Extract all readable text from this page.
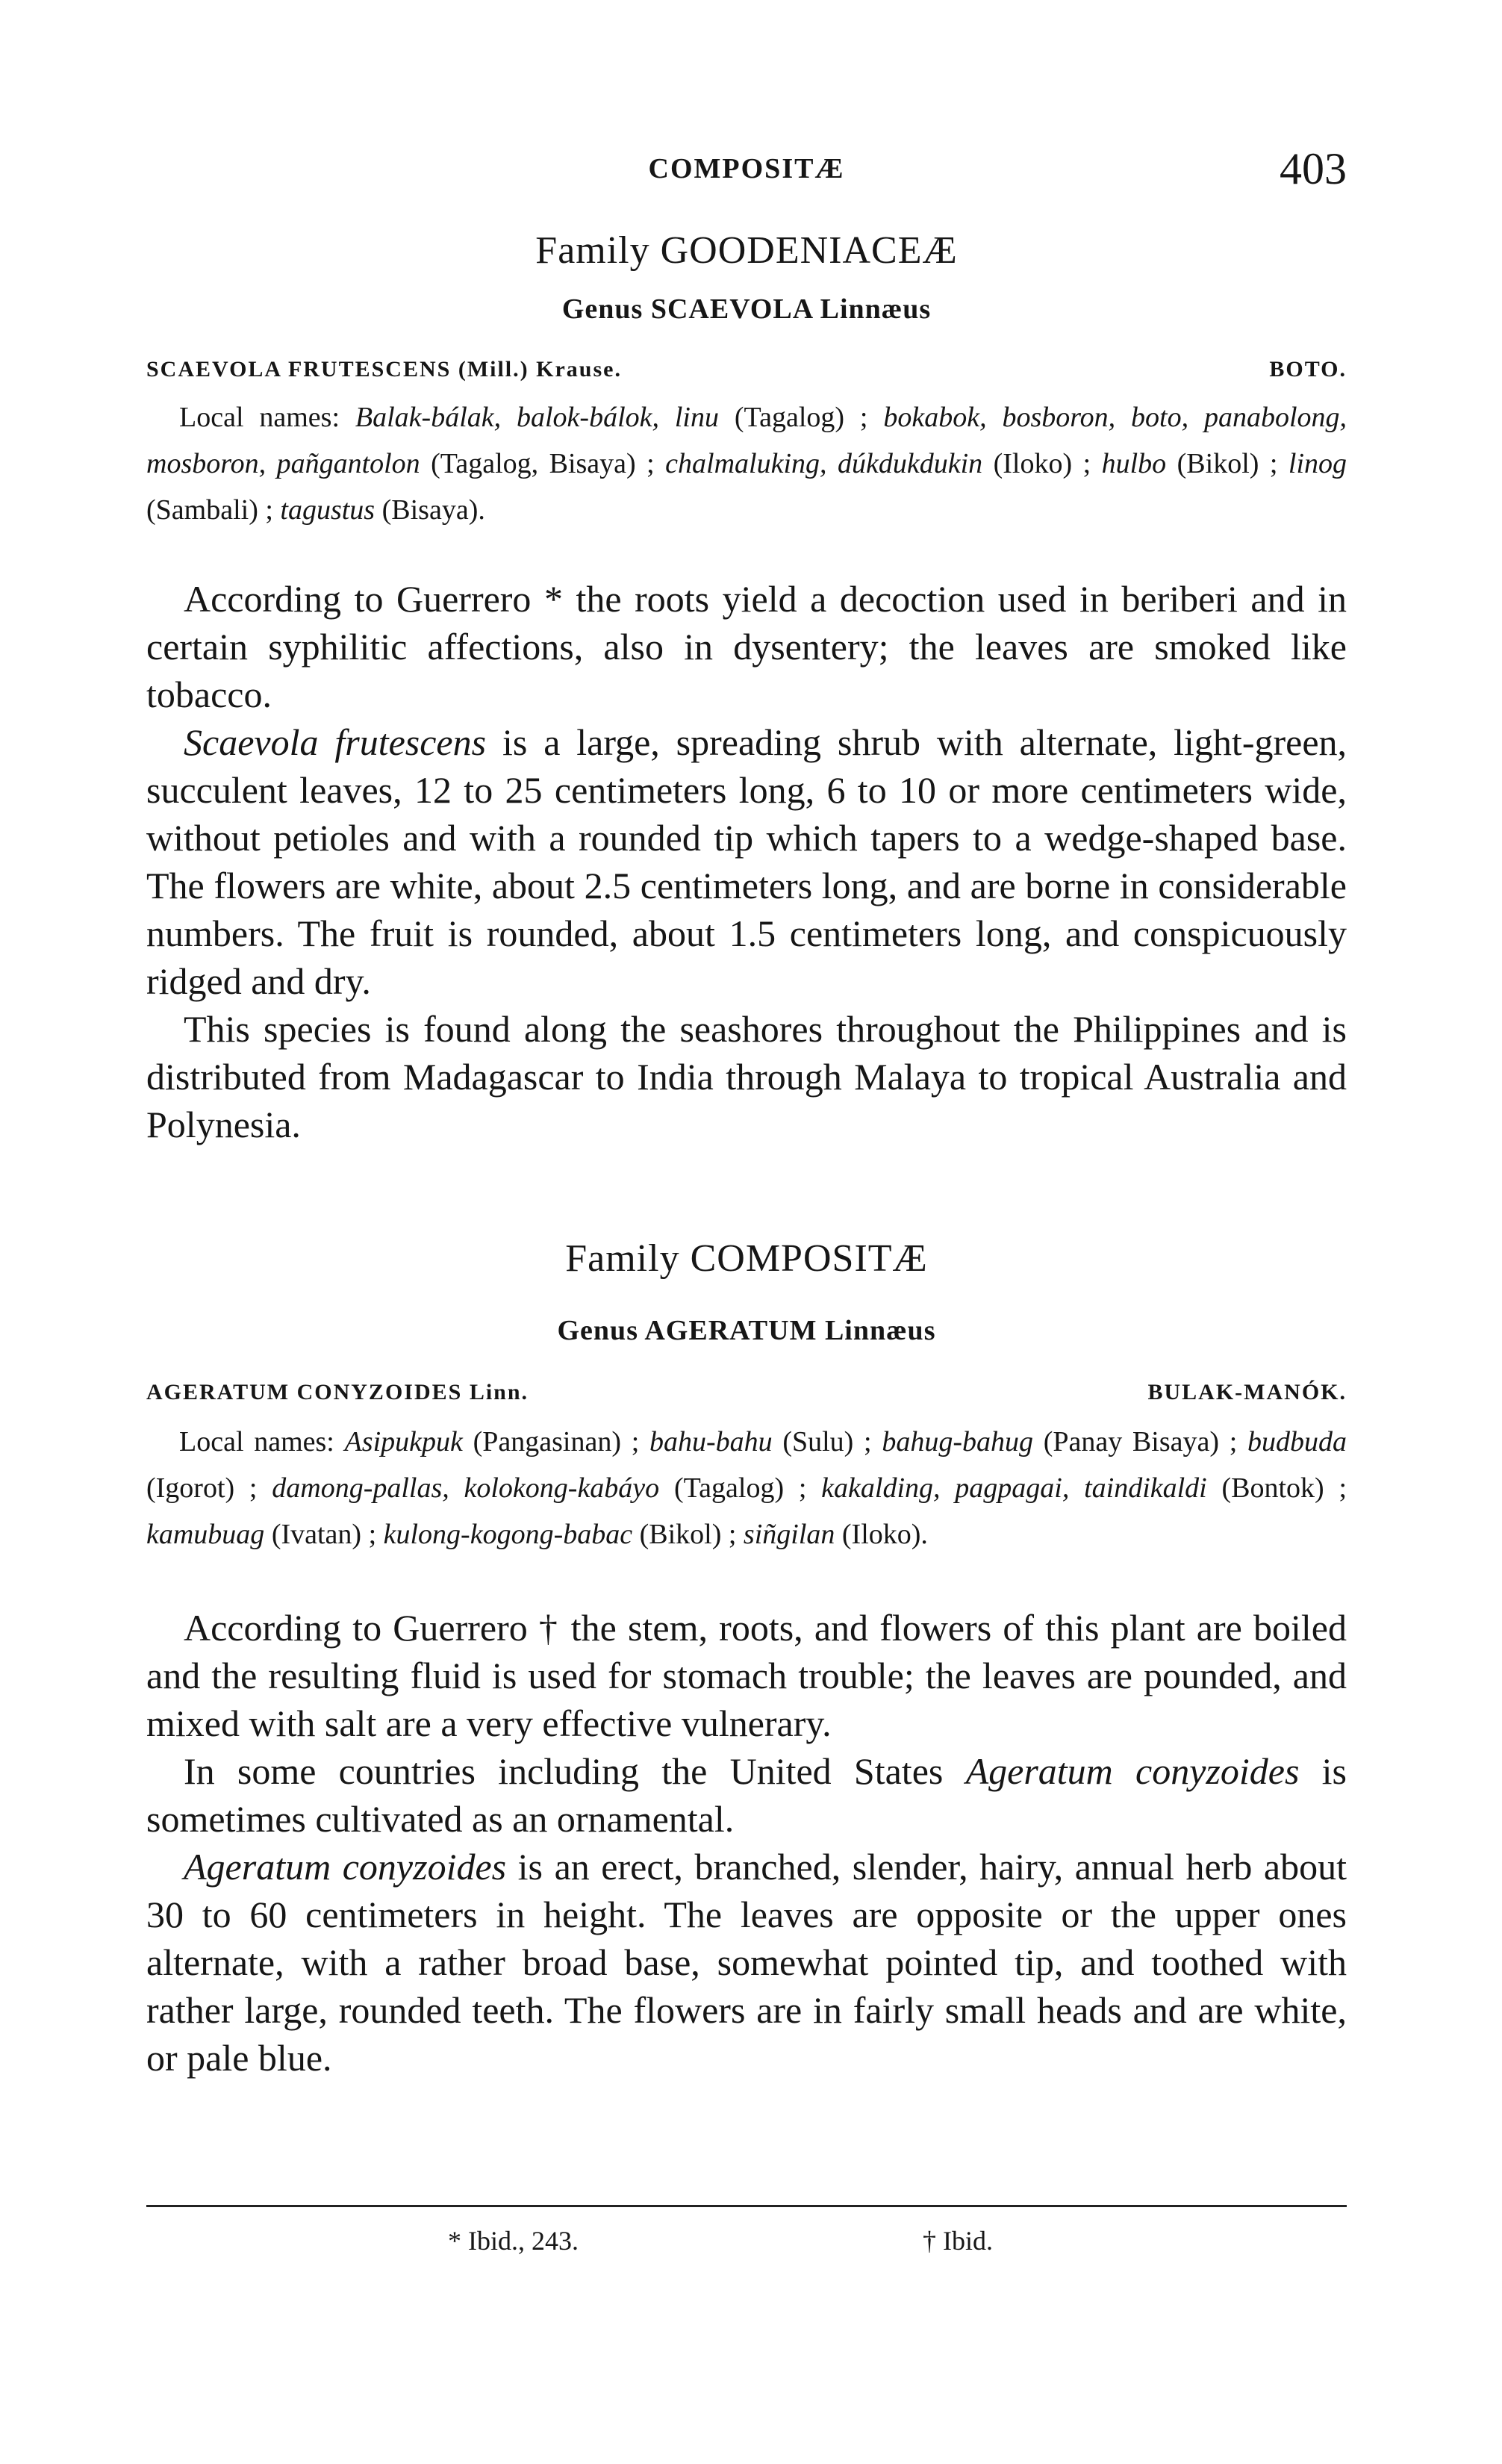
COMPOSITÆ	403
Family GOODENIACEÆ
Genus SCAEVOLA Linnæus
SCAEVOLA FRUTESCENS (Mill.) Krause.	BOTO.
Local names: Balak-bálak, balok-bálok, linu (Tagalog) ; bokabok, bosboron, boto, panabolong, mosboron, pañgantolon (Tagalog, Bisaya) ; chalmaluking, dúkdukdukin (Iloko) ; hulbo (Bikol) ; linog (Sambali) ; tagustus (Bisaya).

According to Guerrero * the roots yield a decoction used in beriberi and in certain syphilitic affections, also in dysentery; the leaves are smoked like tobacco.

Scaevola frutescens is a large, spreading shrub with alternate, light-green, succulent leaves, 12 to 25 centimeters long, 6 to 10 or more centimeters wide, without petioles and with a rounded tip which tapers to a wedge-shaped base. The flowers are white, about 2.5 centimeters long, and are borne in considerable numbers. The fruit is rounded, about 1.5 centimeters long, and conspicuously ridged and dry.

This species is found along the seashores throughout the Philippines and is distributed from Madagascar to India through Malaya to tropical Australia and Polynesia.

Family COMPOSITÆ
Genus AGERATUM Linnæus
AGERATUM CONYZOIDES Linn.	BULAK-MANÓK.
Local names: Asipukpuk (Pangasinan) ; bahu-bahu (Sulu) ; bahug-bahug (Panay Bisaya) ; budbuda (Igorot) ; damong-pallas, kolokong-kabáyo (Tagalog) ; kakalding, pagpagai, taindikaldi (Bontok) ; kamubuag (Ivatan) ; kulong-kogong-babac (Bikol) ; siñgilan (Iloko).

According to Guerrero † the stem, roots, and flowers of this plant are boiled and the resulting fluid is used for stomach trouble; the leaves are pounded, and mixed with salt are a very effective vulnerary.

In some countries including the United States Ageratum conyzoides is sometimes cultivated as an ornamental.

Ageratum conyzoides is an erect, branched, slender, hairy, annual herb about 30 to 60 centimeters in height. The leaves are opposite or the upper ones alternate, with a rather broad base, somewhat pointed tip, and toothed with rather large, rounded teeth. The flowers are in fairly small heads and are white, or pale blue.

* Ibid., 243.	† Ibid.
